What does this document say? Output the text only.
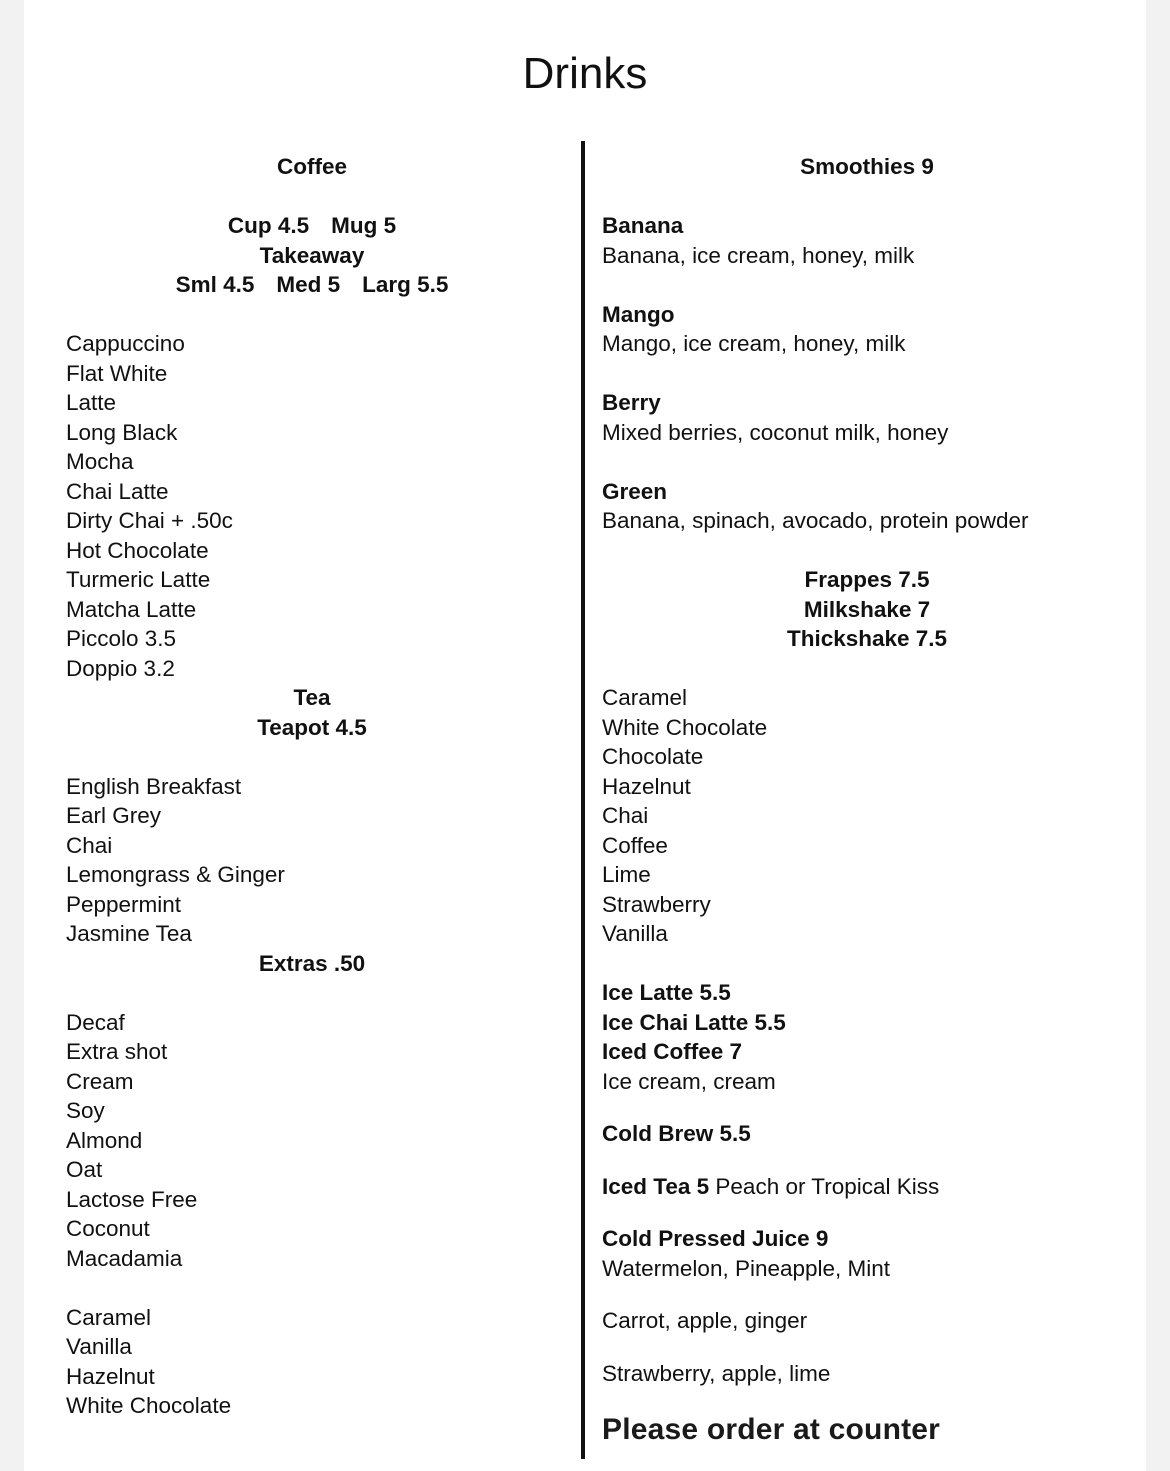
Drinks
Coffee
Cup 4.5 Mug 5
Takeaway
Sml 4.5 Med 5 Larg 5.5
Cappuccino
Flat White
Latte
Long Black
Mocha
Chai Latte
Dirty Chai + .50c
Hot Chocolate
Turmeric Latte
Matcha Latte
Piccolo 3.5
Doppio 3.2
Tea
Teapot 4.5
English Breakfast
Earl Grey
Chai
Lemongrass & Ginger
Peppermint
Jasmine Tea
Extras .50
Decaf
Extra shot
Cream
Soy
Almond
Oat
Lactose Free
Coconut
Macadamia
Caramel
Vanilla
Hazelnut
White Chocolate
Smoothies 9
Banana
Banana, ice cream, honey, milk
Mango
Mango, ice cream, honey, milk
Berry
Mixed berries, coconut milk, honey
Green
Banana, spinach, avocado, protein powder
Frappes 7.5
Milkshake 7
Thickshake 7.5
Caramel
White Chocolate
Chocolate
Hazelnut
Chai
Coffee
Lime
Strawberry
Vanilla
Ice Latte 5.5
Ice Chai Latte 5.5
Iced Coffee 7
Ice cream, cream
Cold Brew 5.5
Iced Tea 5 Peach or Tropical Kiss
Cold Pressed Juice 9
Watermelon, Pineapple, Mint
Carrot, apple, ginger
Strawberry, apple, lime
Please order at counter
